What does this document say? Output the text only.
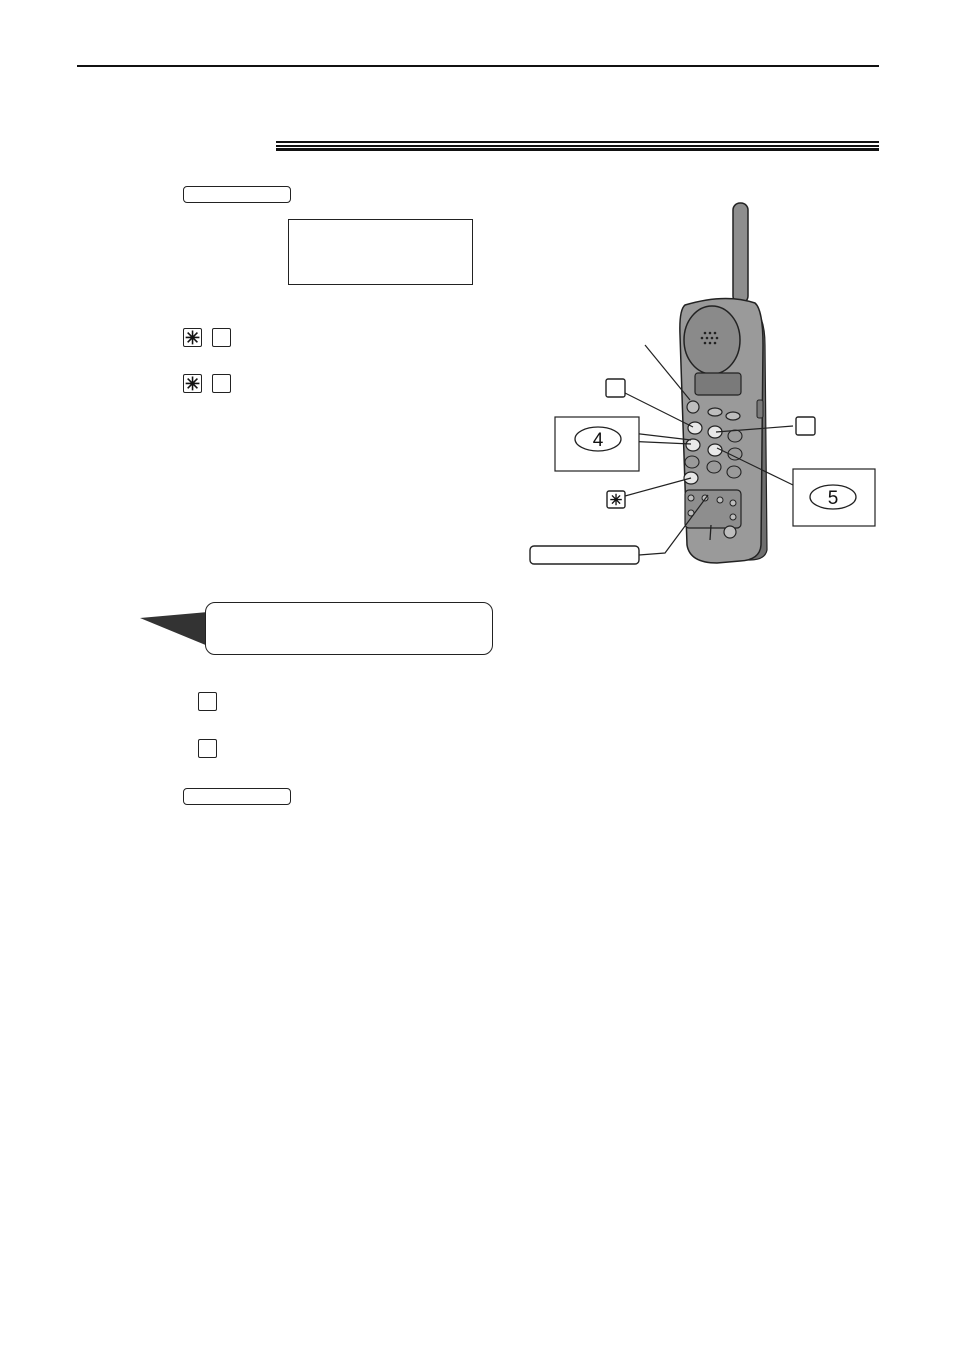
✳
✳
4
5
✳
